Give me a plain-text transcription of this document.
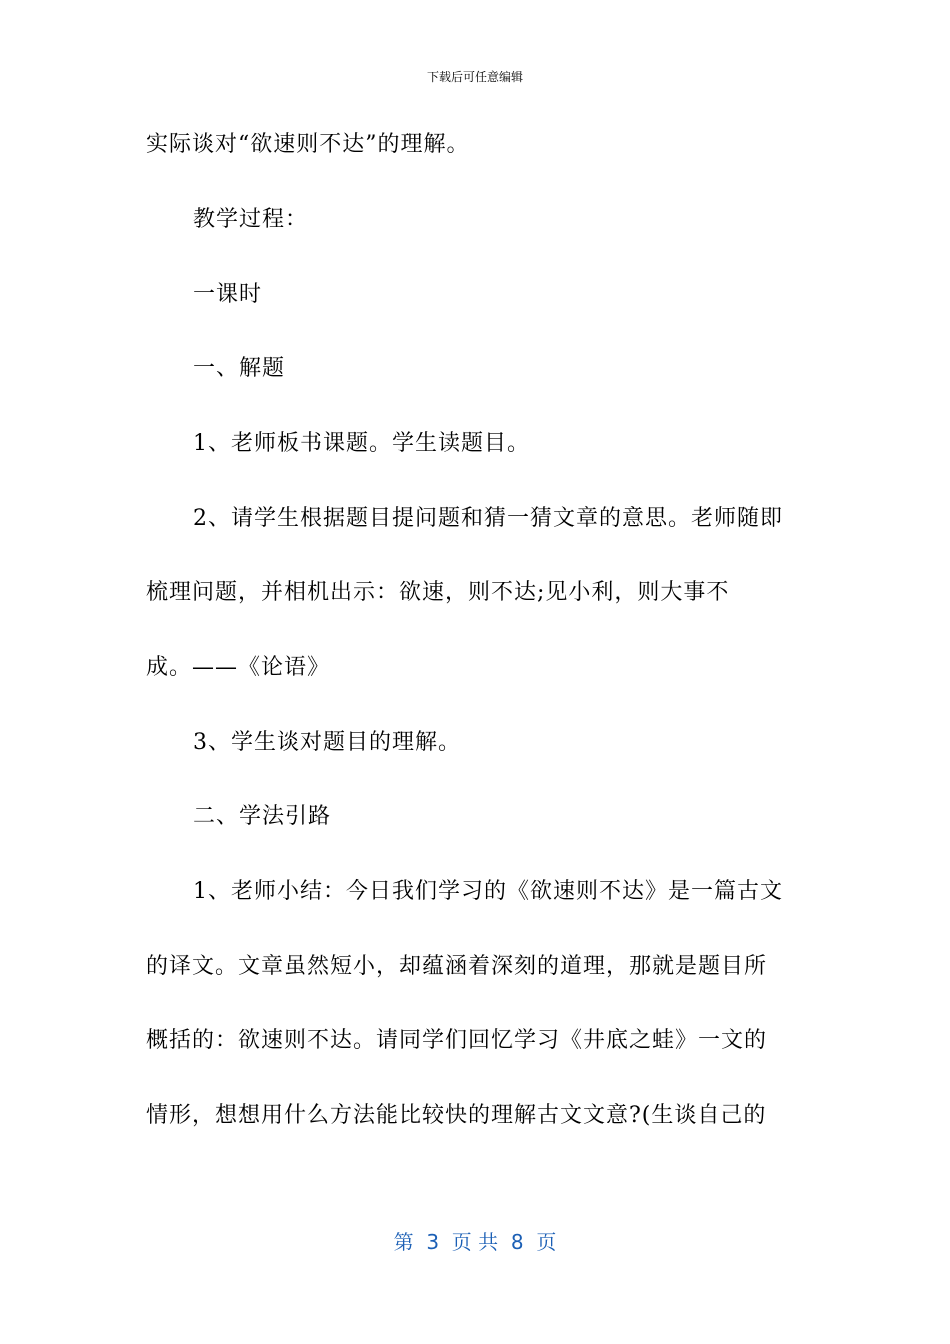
下载后可任意编辑
实际谈对“欲速则不达”的理解。
教学过程：
一课时
一、解题
1、老师板书课题。学生读题目。
2、请学生根据题目提问题和猜一猜文章的意思。老师随即
梳理问题，并相机出示：欲速，则不达;见小利，则大事不
成。——《论语》
3、学生谈对题目的理解。
二、学法引路
1、老师小结：今日我们学习的《欲速则不达》是一篇古文
的译文。文章虽然短小，却蕴涵着深刻的道理，那就是题目所
概括的：欲速则不达。请同学们回忆学习《井底之蛙》一文的
情形，想想用什么方法能比较快的理解古文文意?(生谈自己的
第  3  页 共  8  页
